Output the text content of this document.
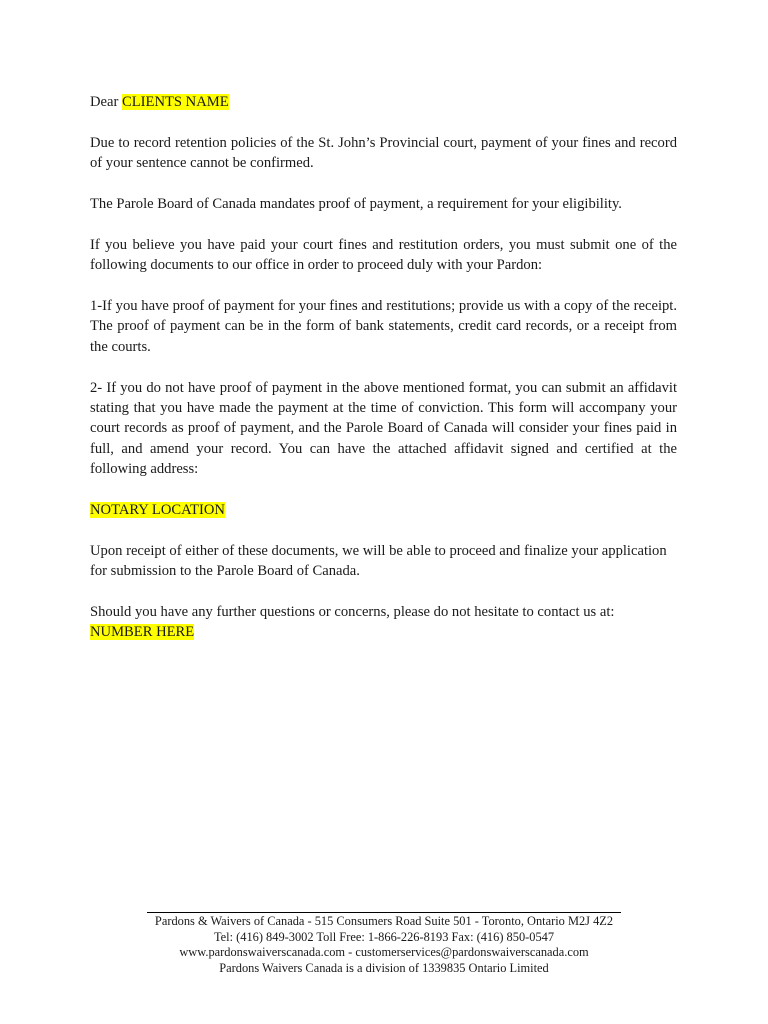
Dear CLIENTS NAME

Due to record retention policies of the St. John’s Provincial court, payment of your fines and record of your sentence cannot be confirmed.

The Parole Board of Canada mandates proof of payment, a requirement for your eligibility.

If you believe you have paid your court fines and restitution orders, you must submit one of the following documents to our office in order to proceed duly with your Pardon:

1-If you have proof of payment for your fines and restitutions; provide us with a copy of the receipt. The proof of payment can be in the form of bank statements, credit card records, or a receipt from the courts.

2- If you do not have proof of payment in the above mentioned format, you can submit an affidavit stating that you have made the payment at the time of conviction. This form will accompany your court records as proof of payment, and the Parole Board of Canada will consider your fines paid in full, and amend your record. You can have the attached affidavit signed and certified at the following address:

NOTARY LOCATION

Upon receipt of either of these documents, we will be able to proceed and finalize your application for submission to the Parole Board of Canada.

Should you have any further questions or concerns, please do not hesitate to contact us at:
NUMBER HERE

Pardons & Waivers of Canada - 515 Consumers Road Suite 501 - Toronto, Ontario M2J 4Z2
Tel: (416) 849-3002 Toll Free: 1-866-226-8193 Fax: (416) 850-0547
www.pardonswaiverscanada.com - customerservices@pardonswaiverscanada.com
Pardons Waivers Canada is a division of 1339835 Ontario Limited
